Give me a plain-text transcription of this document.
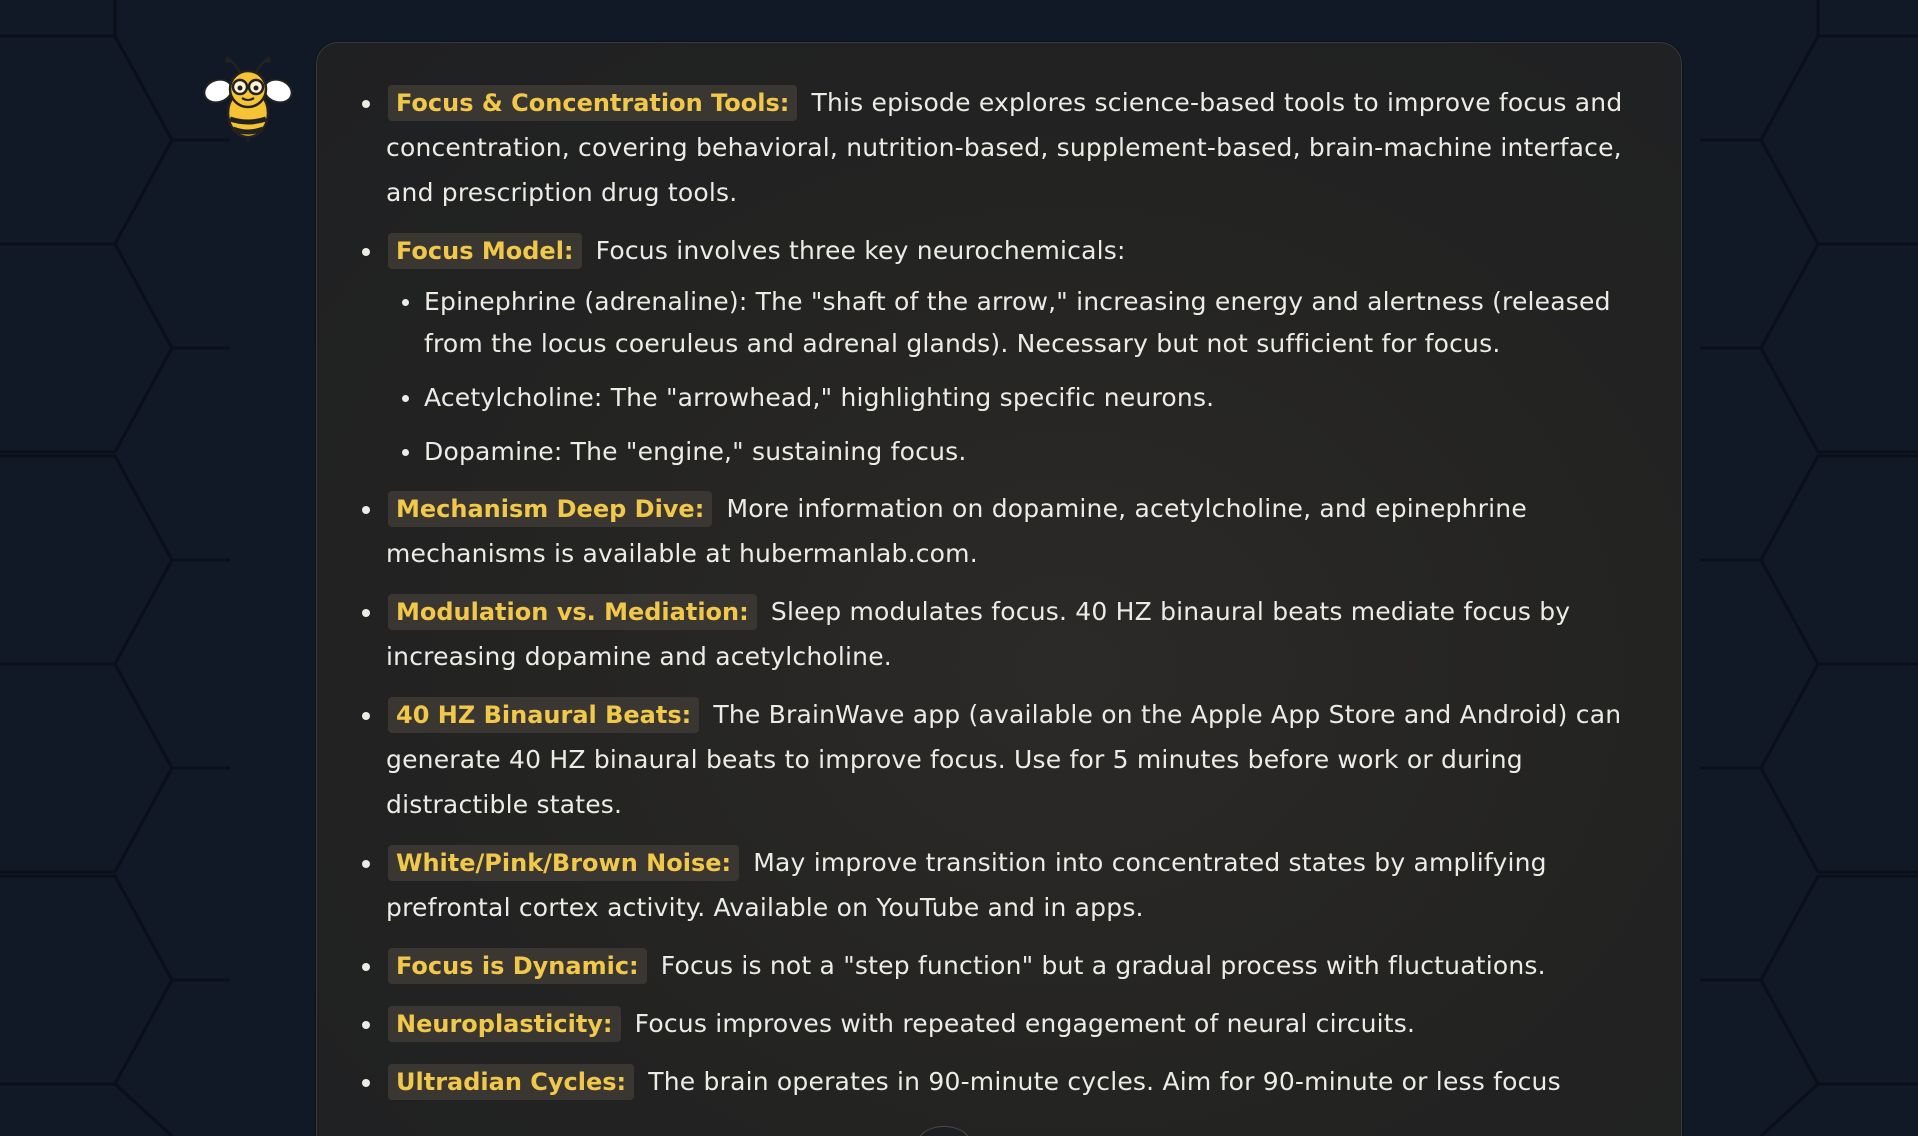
Focus & Concentration Tools: This episode explores science-based tools to improve focus and concentration, covering behavioral, nutrition-based, supplement-based, brain-machine interface, and prescription drug tools.
Focus Model: Focus involves three key neurochemicals:
Epinephrine (adrenaline): The "shaft of the arrow," increasing energy and alertness (released from the locus coeruleus and adrenal glands). Necessary but not sufficient for focus.
Acetylcholine: The "arrowhead," highlighting specific neurons.
Dopamine: The "engine," sustaining focus.
Mechanism Deep Dive: More information on dopamine, acetylcholine, and epinephrine mechanisms is available at hubermanlab.com.
Modulation vs. Mediation: Sleep modulates focus. 40 HZ binaural beats mediate focus by increasing dopamine and acetylcholine.
40 HZ Binaural Beats: The BrainWave app (available on the Apple App Store and Android) can generate 40 HZ binaural beats to improve focus. Use for 5 minutes before work or during distractible states.
White/Pink/Brown Noise: May improve transition into concentrated states by amplifying prefrontal cortex activity. Available on YouTube and in apps.
Focus is Dynamic: Focus is not a "step function" but a gradual process with fluctuations.
Neuroplasticity: Focus improves with repeated engagement of neural circuits.
Ultradian Cycles: The brain operates in 90-minute cycles. Aim for 90-minute or less focus
